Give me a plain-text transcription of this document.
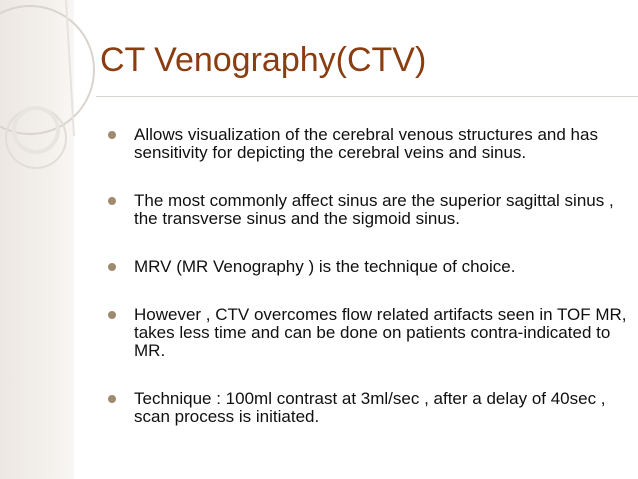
CT Venography(CTV)
Allows visualization of the cerebral venous structures and has sensitivity for depicting the cerebral veins and sinus.
The most commonly affect sinus are the superior sagittal sinus , the transverse sinus and the sigmoid sinus.
MRV (MR Venography ) is the technique of choice.
However , CTV overcomes flow related artifacts seen in TOF MR, takes less time and can be done on patients contra-indicated to MR.
Technique : 100ml contrast at 3ml/sec , after a delay of 40sec , scan process is initiated.
